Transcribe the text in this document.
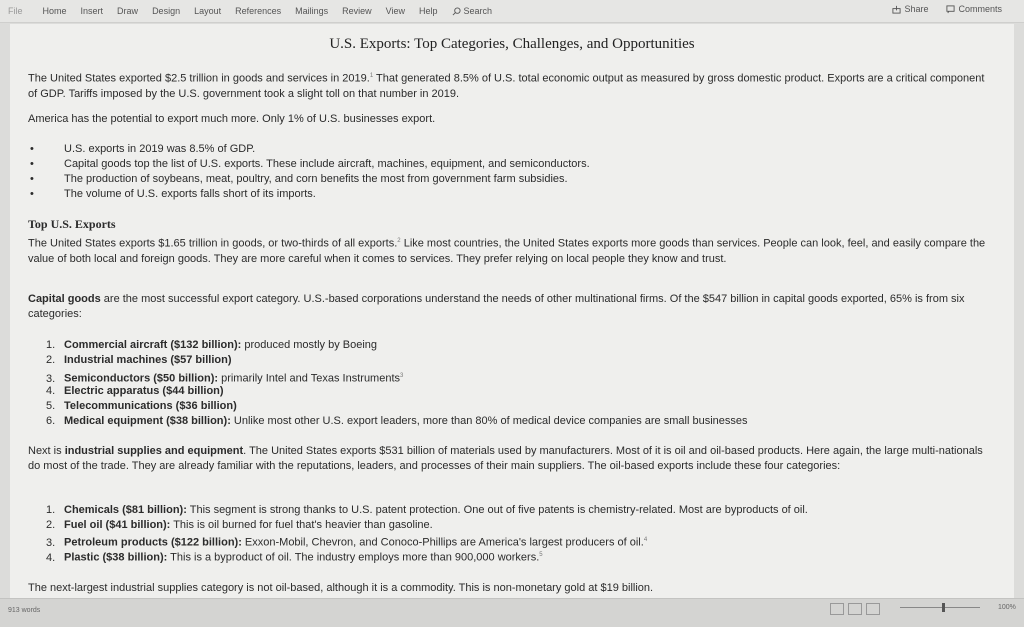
File	Home	Insert	Draw	Design	Layout	References	Mailings	Review	View	Help	Search	Share	Comments
U.S. Exports: Top Categories, Challenges, and Opportunities
The United States exported $2.5 trillion in goods and services in 2019.$^1$ That generated 8.5% of U.S. total economic output as measured by gross domestic product. Exports are a critical component of GDP. Tariffs imposed by the U.S. government took a slight toll on that number in 2019.
America has the potential to export much more. Only 1% of U.S. businesses export.
•	U.S. exports in 2019 was 8.5% of GDP.
•	Capital goods top the list of U.S. exports. These include aircraft, machines, equipment, and semiconductors.
•	The production of soybeans, meat, poultry, and corn benefits the most from government farm subsidies.
•	The volume of U.S. exports falls short of its imports.
Top U.S. Exports
The United States exports $1.65 trillion in goods, or two-thirds of all exports.$^2$ Like most countries, the United States exports more goods than services. People can look, feel, and easily compare the value of both local and foreign goods. They are more careful when it comes to services. They prefer relying on local people they know and trust.
Capital goods are the most successful export category. U.S.-based corporations understand the needs of other multinational firms. Of the $547 billion in capital goods exported, 65% is from six categories:
1. Commercial aircraft ($132 billion): produced mostly by Boeing
2. Industrial machines ($57 billion)
3. Semiconductors ($50 billion): primarily Intel and Texas Instruments$^3$
4. Electric apparatus ($44 billion)
5. Telecommunications ($36 billion)
6. Medical equipment ($38 billion): Unlike most other U.S. export leaders, more than 80% of medical device companies are small businesses
Next is industrial supplies and equipment. The United States exports $531 billion of materials used by manufacturers. Most of it is oil and oil-based products. Here again, the large multi-nationals do most of the trade. They are already familiar with the reputations, leaders, and processes of their main suppliers. The oil-based exports include these four categories:
1. Chemicals ($81 billion): This segment is strong thanks to U.S. patent protection. One out of five patents is chemistry-related. Most are byproducts of oil.
2. Fuel oil ($41 billion): This is oil burned for fuel that's heavier than gasoline.
3. Petroleum products ($122 billion): Exxon-Mobil, Chevron, and Conoco-Phillips are America's largest producers of oil.$^4$
4. Plastic ($38 billion): This is a byproduct of oil. The industry employs more than 900,000 workers.$^5$
The next-largest industrial supplies category is not oil-based, although it is a commodity. This is non-monetary gold at $19 billion.
913 words	100%
